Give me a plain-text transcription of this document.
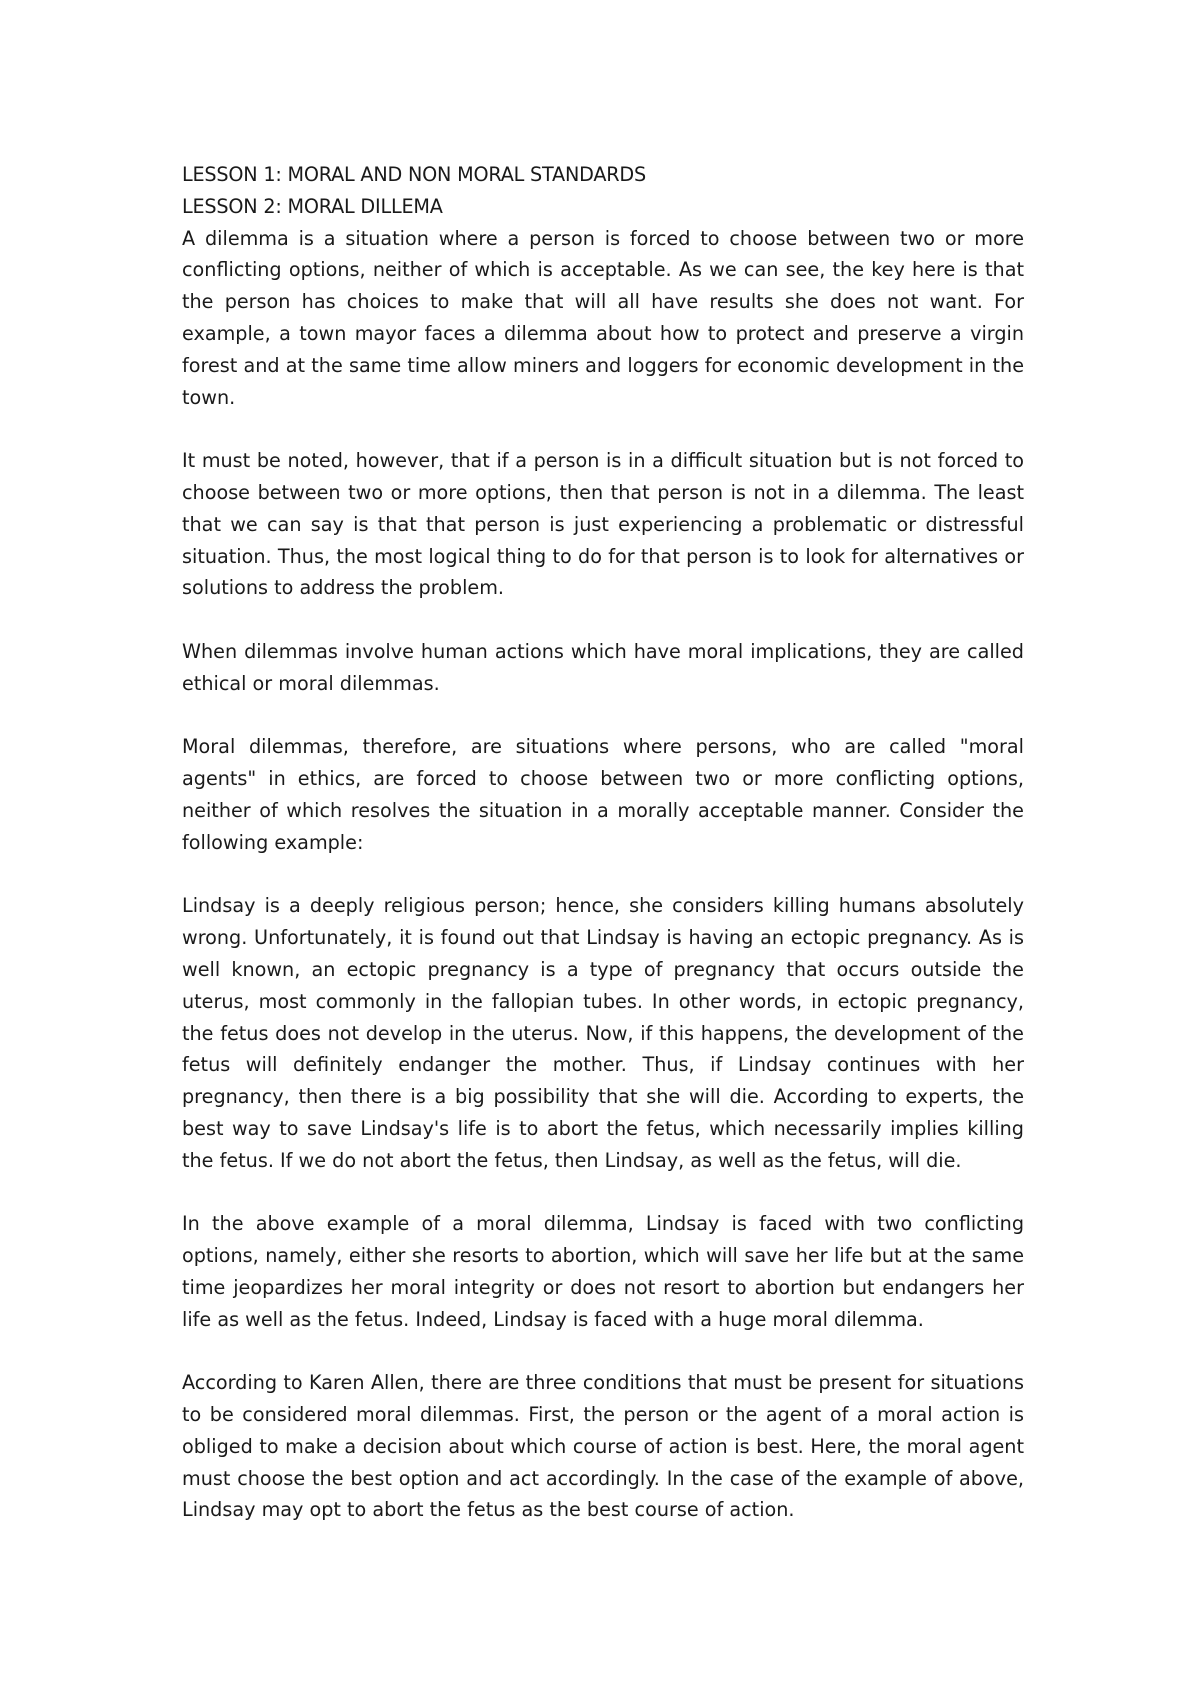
LESSON 1: MORAL AND NON MORAL STANDARDS

LESSON 2: MORAL DILLEMA

A dilemma is a situation where a person is forced to choose between two or more conflicting options, neither of which is acceptable. As we can see, the key here is that the person has choices to make that will all have results she does not want. For example, a town mayor faces a dilemma about how to protect and preserve a virgin forest and at the same time allow miners and loggers for economic development in the town.

It must be noted, however, that if a person is in a difficult situation but is not forced to choose between two or more options, then that person is not in a dilemma. The least that we can say is that that person is just experiencing a problematic or distressful situation. Thus, the most logical thing to do for that person is to look for alternatives or solutions to address the problem.

When dilemmas involve human actions which have moral implications, they are called ethical or moral dilemmas.

Moral dilemmas, therefore, are situations where persons, who are called "moral agents" in ethics, are forced to choose between two or more conflicting options, neither of which resolves the situation in a morally acceptable manner. Consider the following example:

Lindsay is a deeply religious person; hence, she considers killing humans absolutely wrong. Unfortunately, it is found out that Lindsay is having an ectopic pregnancy. As is well known, an ectopic pregnancy is a type of pregnancy that occurs outside the uterus, most commonly in the fallopian tubes. In other words, in ectopic pregnancy, the fetus does not develop in the uterus. Now, if this happens, the development of the fetus will definitely endanger the mother. Thus, if Lindsay continues with her pregnancy, then there is a big possibility that she will die. According to experts, the best way to save Lindsay's life is to abort the fetus, which necessarily implies killing the fetus. If we do not abort the fetus, then Lindsay, as well as the fetus, will die.

In the above example of a moral dilemma, Lindsay is faced with two conflicting options, namely, either she resorts to abortion, which will save her life but at the same time jeopardizes her moral integrity or does not resort to abortion but endangers her life as well as the fetus. Indeed, Lindsay is faced with a huge moral dilemma.

According to Karen Allen, there are three conditions that must be present for situations to be considered moral dilemmas. First, the person or the agent of a moral action is obliged to make a decision about which course of action is best. Here, the moral agent must choose the best option and act accordingly. In the case of the example of above, Lindsay may opt to abort the fetus as the best course of action.
